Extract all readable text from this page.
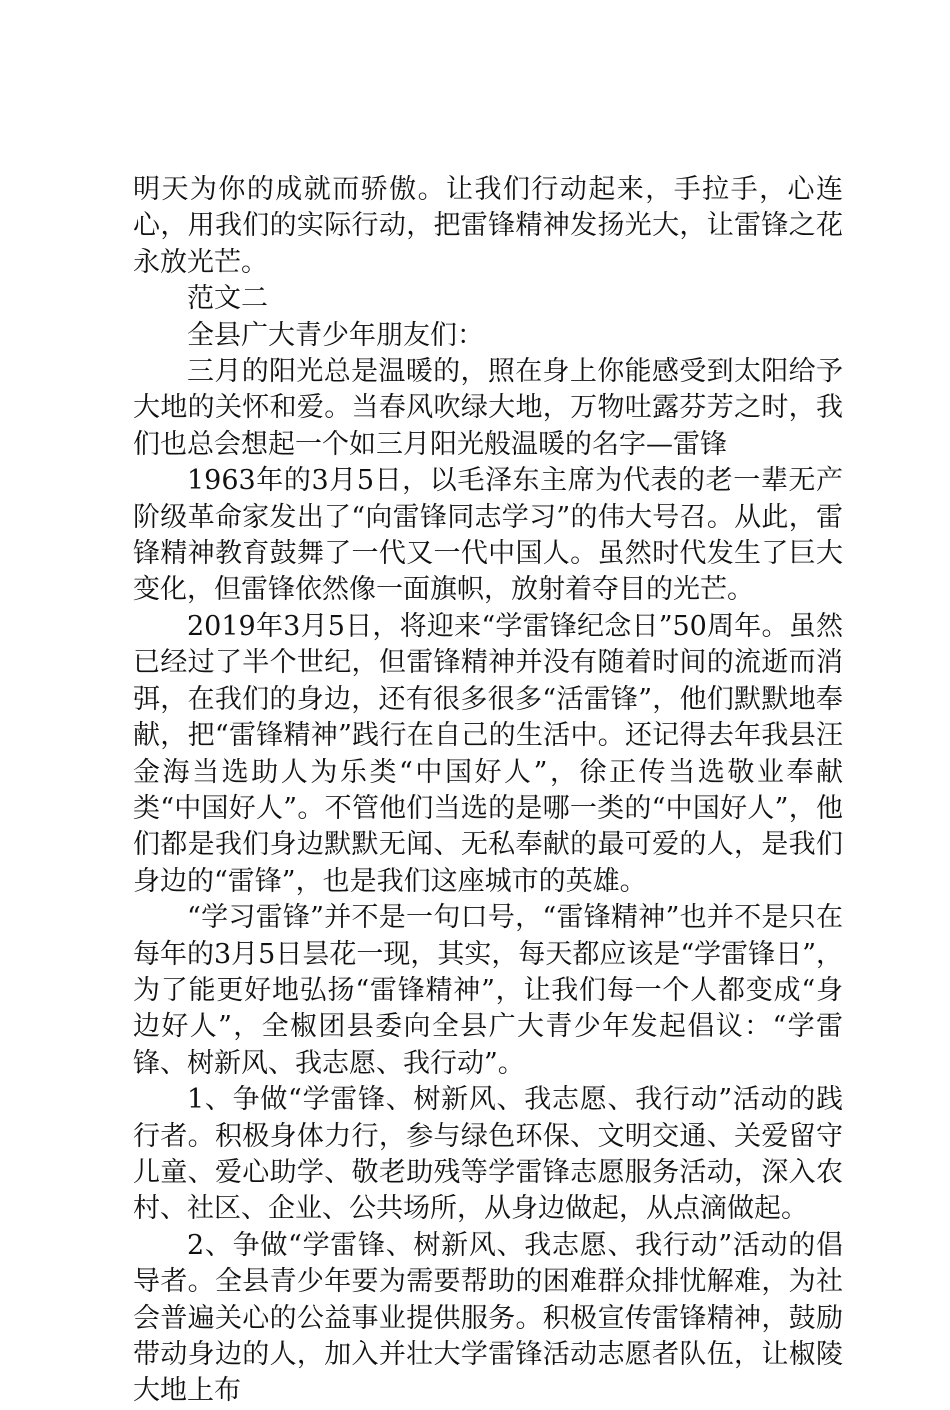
明天为你的成就而骄傲。让我们行动起来，手拉手，心连心，用我们的实际行动，把雷锋精神发扬光大，让雷锋之花永放光芒。

范文二

全县广大青少年朋友们：

三月的阳光总是温暖的，照在身上你能感受到太阳给予大地的关怀和爱。当春风吹绿大地，万物吐露芬芳之时，我们也总会想起一个如三月阳光般温暖的名字—雷锋

1963年的3月5日，以毛泽东主席为代表的老一辈无产阶级革命家发出了“向雷锋同志学习”的伟大号召。从此，雷锋精神教育鼓舞了一代又一代中国人。虽然时代发生了巨大变化，但雷锋依然像一面旗帜，放射着夺目的光芒。

2019年3月5日，将迎来“学雷锋纪念日”50周年。虽然已经过了半个世纪，但雷锋精神并没有随着时间的流逝而消弭，在我们的身边，还有很多很多“活雷锋”，他们默默地奉献，把“雷锋精神”践行在自己的生活中。还记得去年我县汪金海当选助人为乐类“中国好人”，徐正传当选敬业奉献类“中国好人”。不管他们当选的是哪一类的“中国好人”，他们都是我们身边默默无闻、无私奉献的最可爱的人，是我们身边的“雷锋”，也是我们这座城市的英雄。

“学习雷锋”并不是一句口号，“雷锋精神”也并不是只在每年的3月5日昙花一现，其实，每天都应该是“学雷锋日”，为了能更好地弘扬“雷锋精神”，让我们每一个人都变成“身边好人”，全椒团县委向全县广大青少年发起倡议：“学雷锋、树新风、我志愿、我行动”。

1、争做“学雷锋、树新风、我志愿、我行动”活动的践行者。积极身体力行，参与绿色环保、文明交通、关爱留守儿童、爱心助学、敬老助残等学雷锋志愿服务活动，深入农村、社区、企业、公共场所，从身边做起，从点滴做起。

2、争做“学雷锋、树新风、我志愿、我行动”活动的倡导者。全县青少年要为需要帮助的困难群众排忧解难，为社会普遍关心的公益事业提供服务。积极宣传雷锋精神，鼓励带动身边的人，加入并壮大学雷锋活动志愿者队伍，让椒陵大地上布
